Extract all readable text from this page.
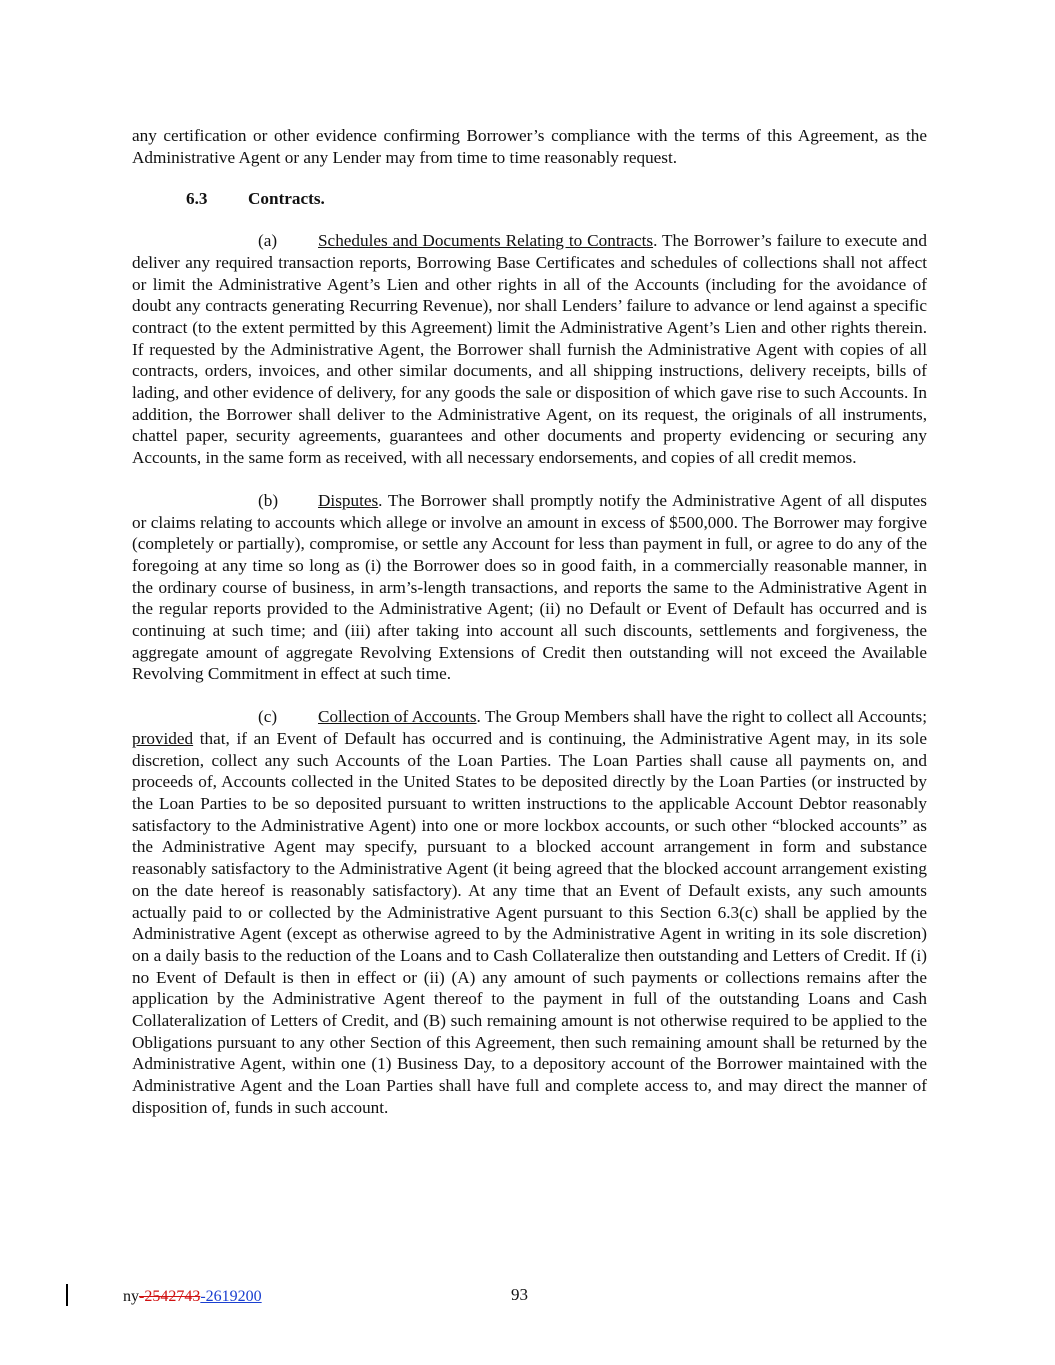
any certification or other evidence confirming Borrower’s compliance with the terms of this Agreement, as the Administrative Agent or any Lender may from time to time reasonably request.

6.3 Contracts.

(a) Schedules and Documents Relating to Contracts. The Borrower’s failure to execute and deliver any required transaction reports, Borrowing Base Certificates and schedules of collections shall not affect or limit the Administrative Agent’s Lien and other rights in all of the Accounts (including for the avoidance of doubt any contracts generating Recurring Revenue), nor shall Lenders’ failure to advance or lend against a specific contract (to the extent permitted by this Agreement) limit the Administrative Agent’s Lien and other rights therein. If requested by the Administrative Agent, the Borrower shall furnish the Administrative Agent with copies of all contracts, orders, invoices, and other similar documents, and all shipping instructions, delivery receipts, bills of lading, and other evidence of delivery, for any goods the sale or disposition of which gave rise to such Accounts. In addition, the Borrower shall deliver to the Administrative Agent, on its request, the originals of all instruments, chattel paper, security agreements, guarantees and other documents and property evidencing or securing any Accounts, in the same form as received, with all necessary endorsements, and copies of all credit memos.

(b) Disputes. The Borrower shall promptly notify the Administrative Agent of all disputes or claims relating to accounts which allege or involve an amount in excess of $500,000. The Borrower may forgive (completely or partially), compromise, or settle any Account for less than payment in full, or agree to do any of the foregoing at any time so long as (i) the Borrower does so in good faith, in a commercially reasonable manner, in the ordinary course of business, in arm’s-length transactions, and reports the same to the Administrative Agent in the regular reports provided to the Administrative Agent; (ii) no Default or Event of Default has occurred and is continuing at such time; and (iii) after taking into account all such discounts, settlements and forgiveness, the aggregate amount of aggregate Revolving Extensions of Credit then outstanding will not exceed the Available Revolving Commitment in effect at such time.

(c) Collection of Accounts. The Group Members shall have the right to collect all Accounts; provided that, if an Event of Default has occurred and is continuing, the Administrative Agent may, in its sole discretion, collect any such Accounts of the Loan Parties. The Loan Parties shall cause all payments on, and proceeds of, Accounts collected in the United States to be deposited directly by the Loan Parties (or instructed by the Loan Parties to be so deposited pursuant to written instructions to the applicable Account Debtor reasonably satisfactory to the Administrative Agent) into one or more lockbox accounts, or such other “blocked accounts” as the Administrative Agent may specify, pursuant to a blocked account arrangement in form and substance reasonably satisfactory to the Administrative Agent (it being agreed that the blocked account arrangement existing on the date hereof is reasonably satisfactory). At any time that an Event of Default exists, any such amounts actually paid to or collected by the Administrative Agent pursuant to this Section 6.3(c) shall be applied by the Administrative Agent (except as otherwise agreed to by the Administrative Agent in writing in its sole discretion) on a daily basis to the reduction of the Loans and to Cash Collateralize then outstanding and Letters of Credit. If (i) no Event of Default is then in effect or (ii) (A) any amount of such payments or collections remains after the application by the Administrative Agent thereof to the payment in full of the outstanding Loans and Cash Collateralization of Letters of Credit, and (B) such remaining amount is not otherwise required to be applied to the Obligations pursuant to any other Section of this Agreement, then such remaining amount shall be returned by the Administrative Agent, within one (1) Business Day, to a depository account of the Borrower maintained with the Administrative Agent and the Loan Parties shall have full and complete access to, and may direct the manner of disposition of, funds in such account.

ny-2542743-2619200	93
